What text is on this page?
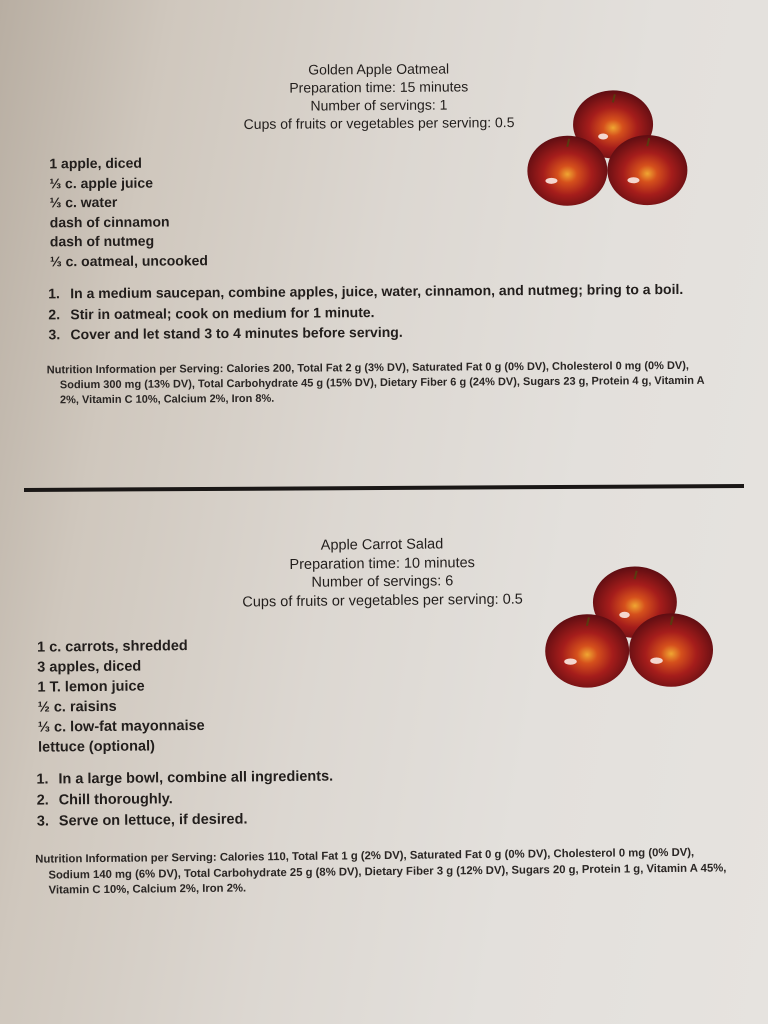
Golden Apple Oatmeal
Preparation time: 15 minutes
Number of servings: 1
Cups of fruits or vegetables per serving: 0.5
1 apple, diced
⅓ c. apple juice
⅓ c. water
dash of cinnamon
dash of nutmeg
⅓ c. oatmeal, uncooked
1. In a medium saucepan, combine apples, juice, water, cinnamon, and nutmeg; bring to a boil.
2. Stir in oatmeal; cook on medium for 1 minute.
3. Cover and let stand 3 to 4 minutes before serving.

Nutrition Information per Serving: Calories 200, Total Fat 2 g (3% DV), Saturated Fat 0 g (0% DV), Cholesterol 0 mg (0% DV), Sodium 300 mg (13% DV), Total Carbohydrate 45 g (15% DV), Dietary Fiber 6 g (24% DV), Sugars 23 g, Protein 4 g, Vitamin A 2%, Vitamin C 10%, Calcium 2%, Iron 8%.

Apple Carrot Salad
Preparation time: 10 minutes
Number of servings: 6
Cups of fruits or vegetables per serving: 0.5
1 c. carrots, shredded
3 apples, diced
1 T. lemon juice
½ c. raisins
⅓ c. low-fat mayonnaise
lettuce (optional)
1. In a large bowl, combine all ingredients.
2. Chill thoroughly.
3. Serve on lettuce, if desired.

Nutrition Information per Serving: Calories 110, Total Fat 1 g (2% DV), Saturated Fat 0 g (0% DV), Cholesterol 0 mg (0% DV), Sodium 140 mg (6% DV), Total Carbohydrate 25 g (8% DV), Dietary Fiber 3 g (12% DV), Sugars 20 g, Protein 1 g, Vitamin A 45%, Vitamin C 10%, Calcium 2%, Iron 2%.
